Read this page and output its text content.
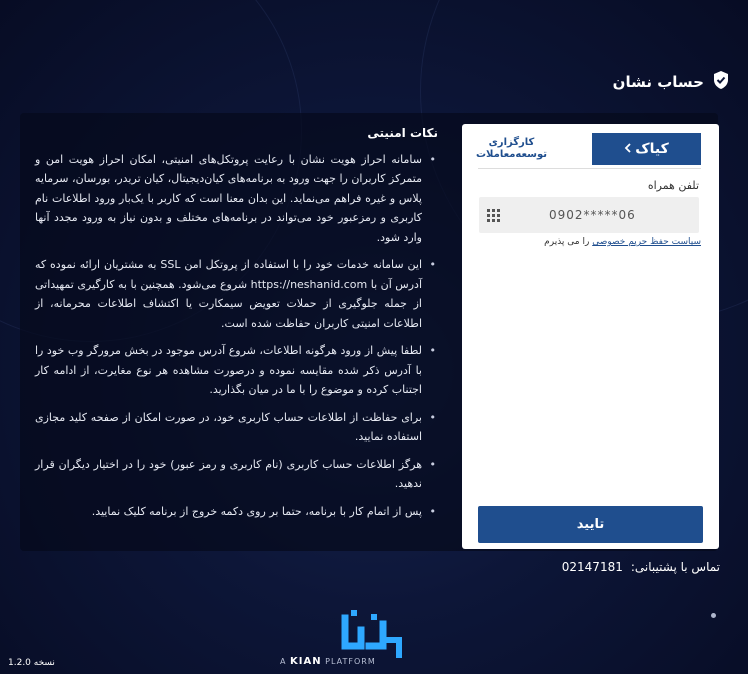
حساب نشان
نکات امنیتی
• سامانه احراز هویت نشان با رعایت پروتکل‌های امنیتی، امکان احراز هویت امن و متمرکز کاربران را جهت ورود به برنامه‌های کیان‌دیجیتال، کیان تریدر، بورسان، سرمایه پلاس و غیره فراهم می‌نماید. این بدان معنا است که کاربر با یک‌بار ورود اطلاعات نام کاربری و رمزعبور خود می‌تواند در برنامه‌های مختلف و بدون نیاز به ورود مجدد آنها وارد شود.
• این سامانه خدمات خود را با استفاده از پروتکل امن SSL به مشتریان ارائه نموده که آدرس آن با https://neshanid.com شروع می‌شود. همچنین با به کارگیری تمهیداتی از جمله جلوگیری از حملات تعویض سیمکارت یا اکتشاف اطلاعات محرمانه، از اطلاعات امنیتی کاربران حفاظت شده است.
• لطفا پیش از ورود هرگونه اطلاعات، شروع آدرس موجود در بخش مرورگر وب خود را با آدرس ذکر شده مقایسه نموده و درصورت مشاهده هر نوع مغایرت، از ادامه کار اجتناب کرده و موضوع را با ما در میان بگذارید.
• برای حفاظت از اطلاعات حساب کاربری خود، در صورت امکان از صفحه کلید مجازی استفاده نمایید.
• هرگز اطلاعات حساب کاربری (نام کاربری و رمز عبور) خود را در اختیار دیگران قرار ندهید.
• پس از اتمام کار با برنامه، حتما بر روی دکمه خروج از برنامه کلیک نمایید.
کیاک
کارگزاری
توسعه‌معاملات
تلفن همراه
0902*****06
سیاست حفظ حریم خصوصی را می پذیرم
تایید
تماس با پشتیبانی:
02147181
A KIAN PLATFORM
نسخه 1.2.0
